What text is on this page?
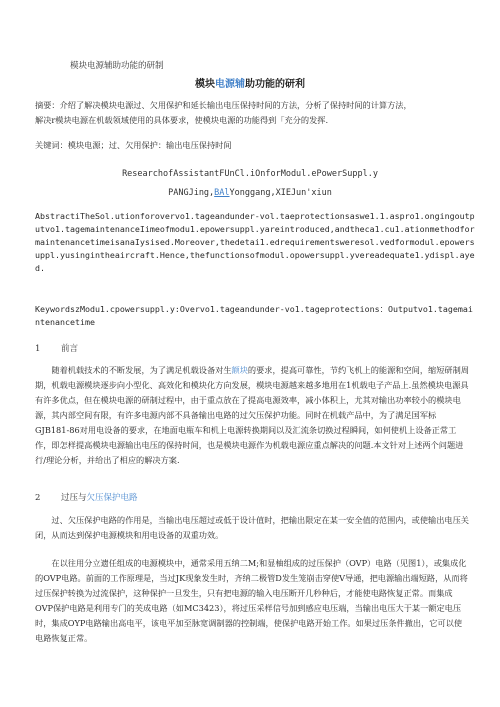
模块电源辅助功能的研制
模块电源辅助功能的研利
摘要：介绍了解决模块电源过、欠用保护和延长输出电压保持时间的方法，分析了保持时间的计算方法，
解决r模块电源在机载领域使用的具体要求，使模块电源的功能得到「充分的发挥.
关键词：模块电源；过、欠用保护：输出电压保持时间
ResearchofAssistantFUnCl.iOnforModul.ePowerSuppl.y
PANGJing,BAlYonggang,XIEJun'xiun
AbstractiTheSol.utionforovervo1.tageandunder-vol.taeprotectionsaswe1.1.aspro1.ongingoutputvo1.tagemaintenanceIimeofmodu1.epowersuppl.yareintroduced,andtheca1.cu1.ationmethodformaintenancetimeisanaIysised.Moreover,thedetai1.edrequirementsweresol.vedformodul.epowersuppl.yusingintheaircraft.Hence,thefunctionsofmodul.opowersuppl.yverea​dequate1.ydispl.ayed.
KeywordszModu1.cpowersuppl.y:Overvo1.tageandunder-vo1.tageprotections：Outputvo1.tagemaintenancetime
1 前言
随着机载技术的不断发展，为了满足机载设备对生额块的要求，提高可靠性，节约飞机上的能源和空间，缩短研制周期，机载电源模块逐步向小型化、高效化和模块化方向发展，模块电源越来越多地用在1机载电子产品上.虽然模块电源具有许多优点，但在模块电源的研制过程中，由于重点放在了提高电源效率，减小体积上，尤其对输出功率较小的模块电源，其内部空间有限，有许多电源内部不具备输出电路的过欠压保护功能。同时在机载产品中，为了满足国军标GJB181-86对用电设备的要求，在地面电瓶车和机上电源转换期间以及汇流条切换过程瞬间，如何使机上设备正常工作，即怎样提高模块电源输出电压的保持时间，也是模块电源作为机载电源应重点解决的问题.本文针对上述两个问题进行/理论分析，并给出了相应的解决方案.
2 过压与欠压保护电路
过、欠压保护电路的作用是，当输出电压超过或低于设计值时，把输出限定在某一安全值的范围内，或使输出电压关闭，从而达到保护电源模块和用电设备的双重功效。
在以往用分立遗任组成的电源模块中，通常采用五纳二M;和显柚组成的过压保护（OVP）电路（见图1），或集成化的OVP电路。前面的工作原理是，当过JK现象发生时，齐纳二极管D发生笼崩击穿使V导通，把电源输出端短路，从而将过压保护转换为过流保护，这种保护一旦发生，只有把电源的输入电压断开几秒种后，才能使电路恢复正常。而集成OVP保护电路是利用专门的芙成电路（如MC3423），将过压采样信号加到感应电压端，当输出电压大于某一额定电压时，集成OYP电路输出高电平，该电平加至脉宽调制器的控制端，使保护电路开始工作。如果过压条件撤出，它可以使电路恢复正常。
